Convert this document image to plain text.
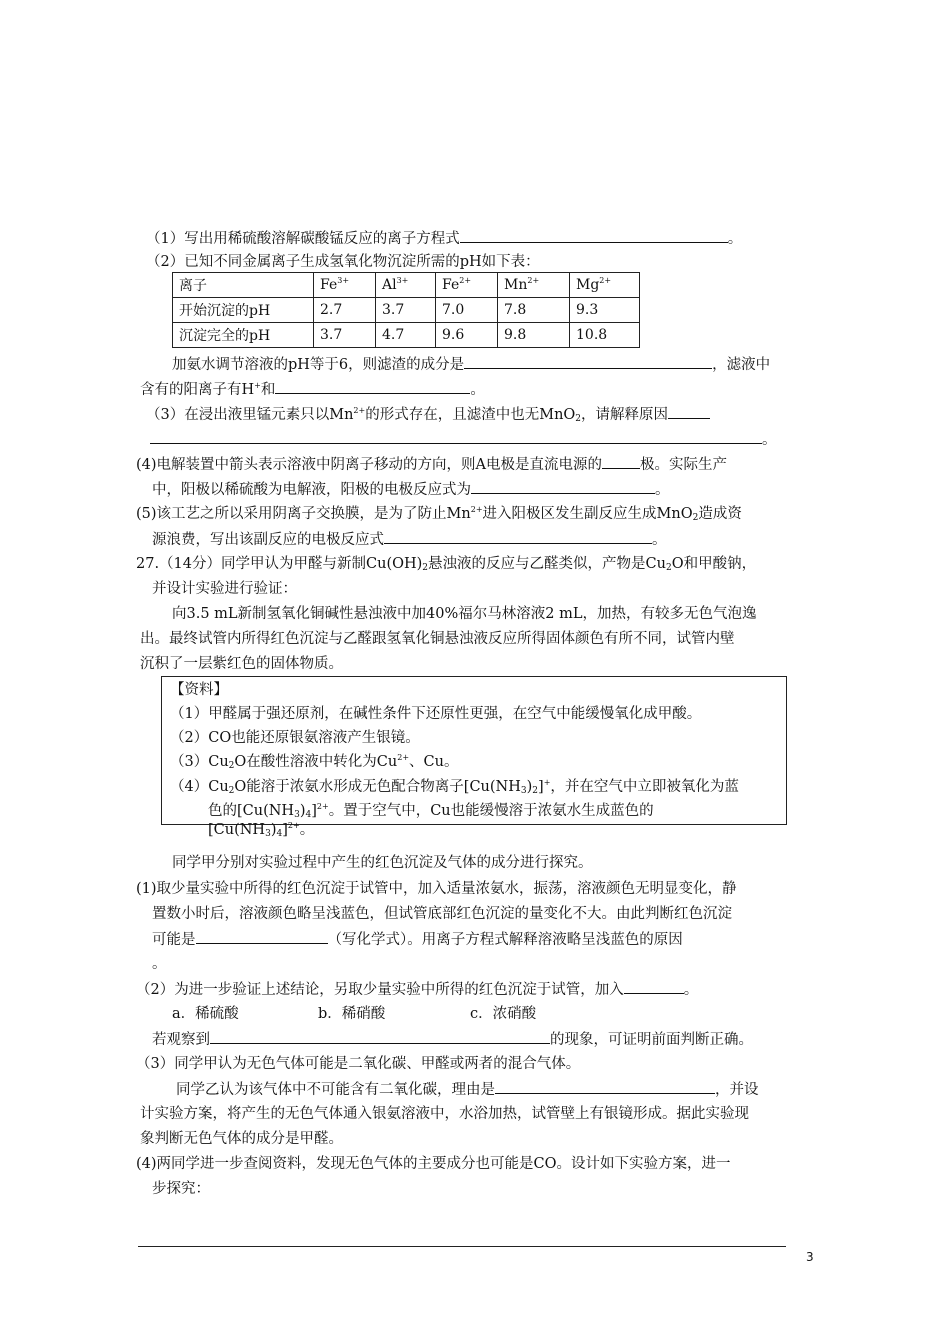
（1）写出用稀硫酸溶解碳酸锰反应的离子方程式	。
（2）已知不同金属离子生成氢氧化物沉淀所需的pH如下表：
离子	$Fe^{3+}$	$Al^{3+}$	$Fe^{2+}$	$Mn^{2+}$	$Mg^{2+}$
开始沉淀的pH	2.7	3.7	7.0	7.8	9.3
沉淀完全的pH	3.7	4.7	9.6	9.8	10.8
加氨水调节溶液的pH等于6，则滤渣的成分是	，滤液中
含有的阳离子有H+和	。
（3）在浸出液里锰元素只以$Mn^{2+}$的形式存在，且滤渣中也无MnO$_2$，请解释原因
。
(4)电解装置中箭头表示溶液中阴离子移动的方向，则A电极是直流电源的	极。实际生产
中，阳极以稀硫酸为电解液，阳极的电极反应式为	。
(5)该工艺之所以采用阴离子交换膜，是为了防止$Mn^{2+}$进入阳极区发生副反应生成MnO$_2$造成资
源浪费，写出该副反应的电极反应式	。
27.（14分）同学甲认为甲醛与新制$Cu(OH)_2$悬浊液的反应与乙醛类似，产物是$Cu_2O$和甲酸钠，
并设计实验进行验证：
向3.5 mL新制氢氧化铜碱性悬浊液中加40%福尔马林溶液2 mL，加热，有较多无色气泡逸
出。最终试管内所得红色沉淀与乙醛跟氢氧化铜悬浊液反应所得固体颜色有所不同，试管内壁
沉积了一层紫红色的固体物质。
【资料】
（1）甲醛属于强还原剂，在碱性条件下还原性更强，在空气中能缓慢氧化成甲酸。
（2）CO也能还原银氨溶液产生银镜。
$(3)Cu_2O$在酸性溶液中转化为$Cu^{2+}$、Cu。
$(4)Cu_2O$能溶于浓氨水形成无色配合物离子$[Cu(NH_3)_2]^+$，并在空气中立即被氧化为蓝
色的$[Cu(NH_3)_4]^{2+}$。置于空气中，Cu也能缓慢溶于浓氨水生成蓝色的
$[Cu(NH_3)_4]^{2+}$。
同学甲分别对实验过程中产生的红色沉淀及气体的成分进行探究。
(1)取少量实验中所得的红色沉淀于试管中，加入适量浓氨水，振荡，溶液颜色无明显变化，静
置数小时后，溶液颜色略呈浅蓝色，但试管底部红色沉淀的量变化不大。由此判断红色沉淀
可能是	（写化学式）。用离子方程式解释溶液略呈浅蓝色的原因
。
（2）为进一步验证上述结论，另取少量实验中所得的红色沉淀于试管，加入	。
a．稀硫酸	b．稀硝酸	c．浓硝酸
若观察到	的现象，可证明前面判断正确。
（3）同学甲认为无色气体可能是二氧化碳、甲醛或两者的混合气体。
同学乙认为该气体中不可能含有二氧化碳，理由是	，并设
计实验方案，将产生的无色气体通入银氨溶液中，水浴加热，试管壁上有银镜形成。据此实验现
象判断无色气体的成分是甲醛。
(4)两同学进一步查阅资料，发现无色气体的主要成分也可能是CO。设计如下实验方案，进一
步探究：
3
